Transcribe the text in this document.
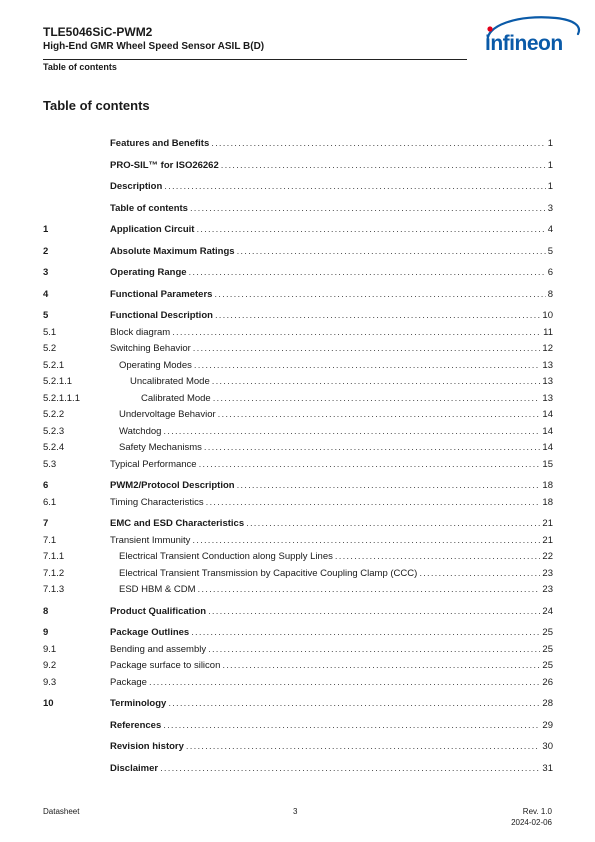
TLE5046SiC-PWM2
High-End GMR Wheel Speed Sensor ASIL B(D)
Table of contents
infineon
Table of contents
Features and Benefits .....	1
PRO-SIL™ for ISO26262 .....	1
Description .....	1
Table of contents .....	3
1	Application Circuit .....	4
2	Absolute Maximum Ratings .....	5
3	Operating Range .....	6
4	Functional Parameters .....	8
5	Functional Description .....	10
5.1	Block diagram .....	11
5.2	Switching Behavior .....	12
5.2.1	Operating Modes .....	13
5.2.1.1	Uncalibrated Mode .....	13
5.2.1.1.1	Calibrated Mode .....	13
5.2.2	Undervoltage Behavior .....	14
5.2.3	Watchdog .....	14
5.2.4	Safety Mechanisms .....	14
5.3	Typical Performance .....	15
6	PWM2/Protocol Description .....	18
6.1	Timing Characteristics .....	18
7	EMC and ESD Characteristics .....	21
7.1	Transient Immunity .....	21
7.1.1	Electrical Transient Conduction along Supply Lines .....	22
7.1.2	Electrical Transient Transmission by Capacitive Coupling Clamp (CCC) .....	23
7.1.3	ESD HBM & CDM .....	23
8	Product Qualification .....	24
9	Package Outlines .....	25
9.1	Bending and assembly .....	25
9.2	Package surface to silicon .....	25
9.3	Package .....	26
10	Terminology .....	28
References .....	29
Revision history .....	30
Disclaimer .....	31
Datasheet	3	Rev. 1.0
2024-02-06
